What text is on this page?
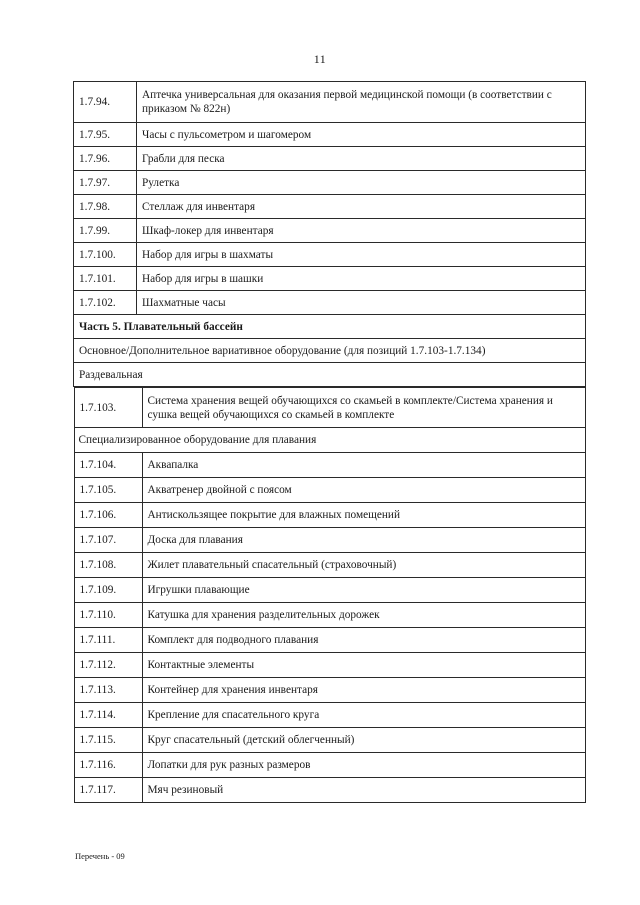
11
1.7.94.	Аптечка универсальная для оказания первой медицинской помощи (в соответствии с приказом № 822н)
1.7.95.	Часы с пульсометром и шагомером
1.7.96.	Грабли для песка
1.7.97.	Рулетка
1.7.98.	Стеллаж для инвентаря
1.7.99.	Шкаф-локер для инвентаря
1.7.100.	Набор для игры в шахматы
1.7.101.	Набор для игры в шашки
1.7.102.	Шахматные часы
Часть 5. Плавательный бассейн
Основное/Дополнительное вариативное оборудование (для позиций 1.7.103-1.7.134)
Раздевальная

1.7.103.	Система хранения вещей обучающихся со скамьей в комплекте/Система хранения и сушка вещей обучающихся со скамьей в комплекте
Специализированное оборудование для плавания
1.7.104.	Аквапалка
1.7.105.	Акватренер двойной с поясом
1.7.106.	Антискользящее покрытие для влажных помещений
1.7.107.	Доска для плавания
1.7.108.	Жилет плавательный спасательный (страховочный)
1.7.109.	Игрушки плавающие
1.7.110.	Катушка для хранения разделительных дорожек
1.7.111.	Комплект для подводного плавания
1.7.112.	Контактные элементы
1.7.113.	Контейнер для хранения инвентаря
1.7.114.	Крепление для спасательного круга
1.7.115.	Круг спасательный (детский облегченный)
1.7.116.	Лопатки для рук разных размеров
1.7.117.	Мяч резиновый
Перечень - 09
